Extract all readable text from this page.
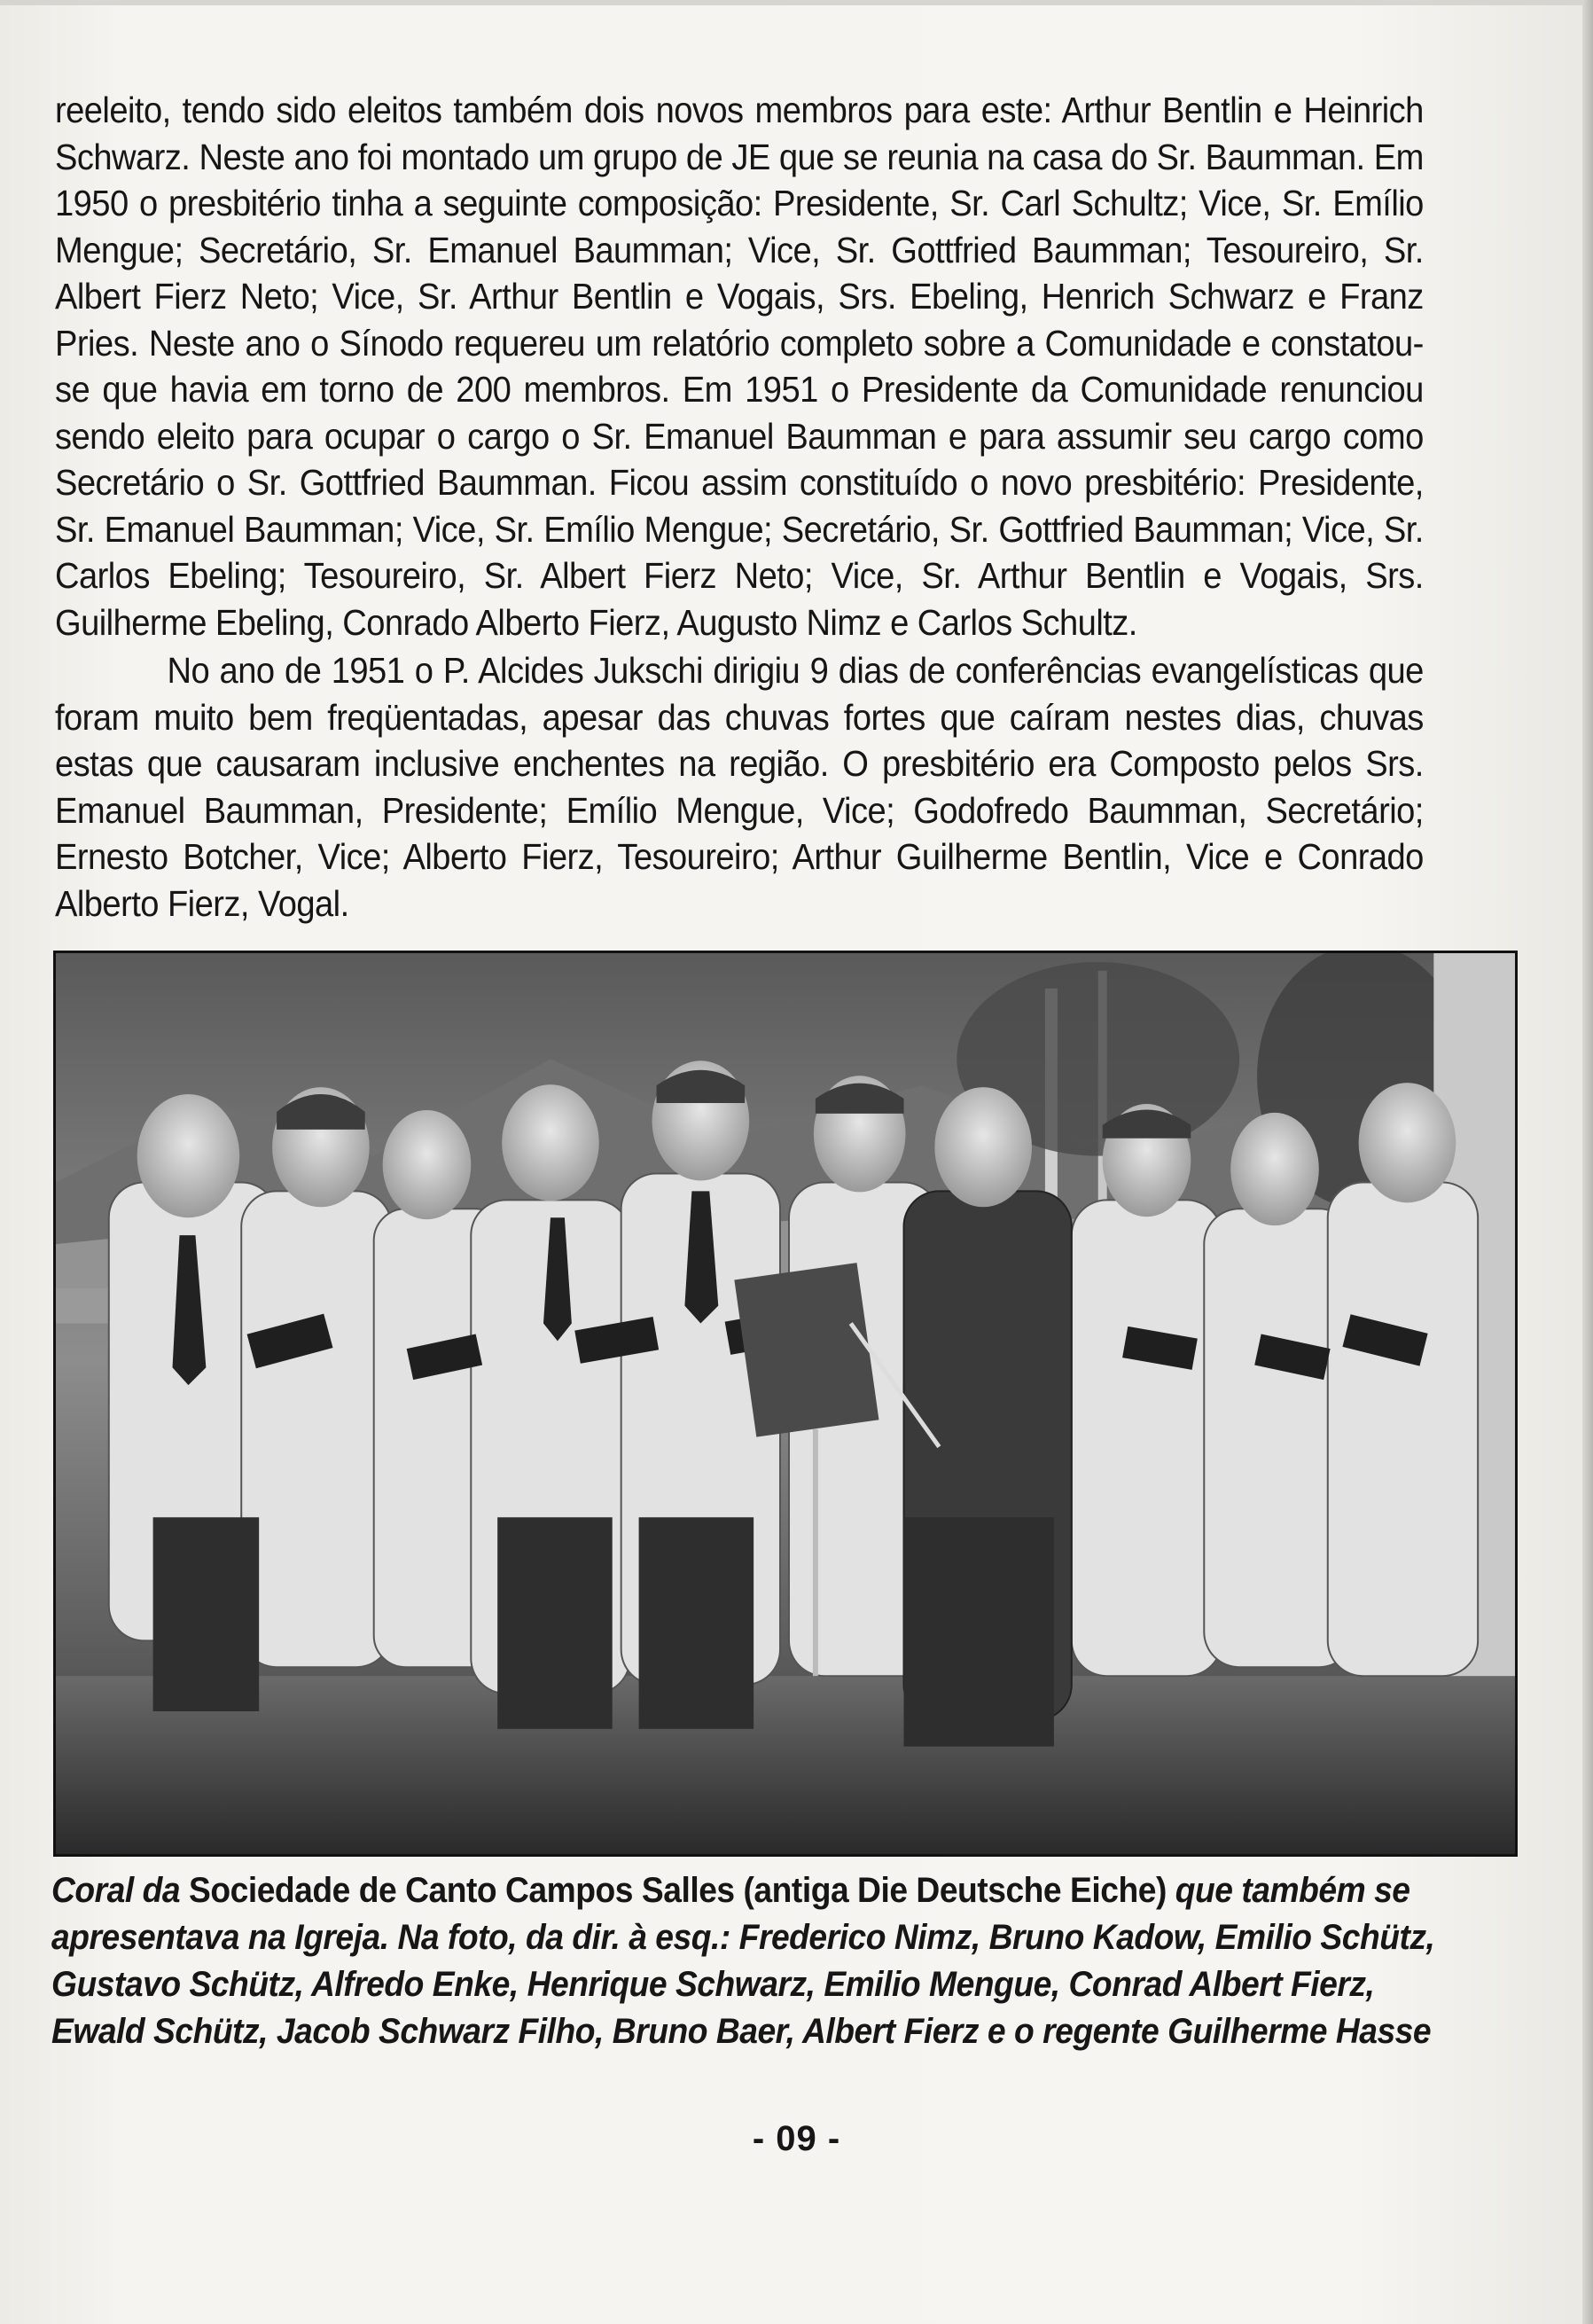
reeleito, tendo sido eleitos também dois novos membros para este: Arthur Bentlin e Heinrich Schwarz. Neste ano foi montado um grupo de JE que se reunia na casa do Sr. Baumman. Em 1950 o presbitério tinha a seguinte composição: Presidente, Sr. Carl Schultz; Vice, Sr. Emílio Mengue; Secretário, Sr. Emanuel Baumman; Vice, Sr. Gottfried Baumman; Tesoureiro, Sr. Albert Fierz Neto; Vice, Sr. Arthur Bentlin e Vogais, Srs. Ebeling, Henrich Schwarz e Franz Pries. Neste ano o Sínodo requereu um relatório completo sobre a Comunidade e constatou-se que havia em torno de 200 membros. Em 1951 o Presidente da Comunidade renunciou sendo eleito para ocupar o cargo o Sr. Emanuel Baumman e para assumir seu cargo como Secretário o Sr. Gottfried Baumman. Ficou assim constituído o novo presbitério: Presidente, Sr. Emanuel Baumman; Vice, Sr. Emílio Mengue; Secretário, Sr. Gottfried Baumman; Vice, Sr. Carlos Ebeling; Tesoureiro, Sr. Albert Fierz Neto; Vice, Sr. Arthur Bentlin e Vogais, Srs. Guilherme Ebeling, Conrado Alberto Fierz, Augusto Nimz e Carlos Schultz.

No ano de 1951 o P. Alcides Jukschi dirigiu 9 dias de conferências evangelísticas que foram muito bem freqüentadas, apesar das chuvas fortes que caíram nestes dias, chuvas estas que causaram inclusive enchentes na região. O presbitério era Composto pelos Srs. Emanuel Baumman, Presidente; Emílio Mengue, Vice; Godofredo Baumman, Secretário; Ernesto Botcher, Vice; Alberto Fierz, Tesoureiro; Arthur Guilherme Bentlin, Vice e Conrado Alberto Fierz, Vogal.

Coral da Sociedade de Canto Campos Salles (antiga Die Deutsche Eiche) que também se apresentava na Igreja. Na foto, da dir. à esq.: Frederico Nimz, Bruno Kadow, Emilio Schütz, Gustavo Schütz, Alfredo Enke, Henrique Schwarz, Emilio Mengue, Conrad Albert Fierz, Ewald Schütz, Jacob Schwarz Filho, Bruno Baer, Albert Fierz e o regente Guilherme Hasse
- 09 -
